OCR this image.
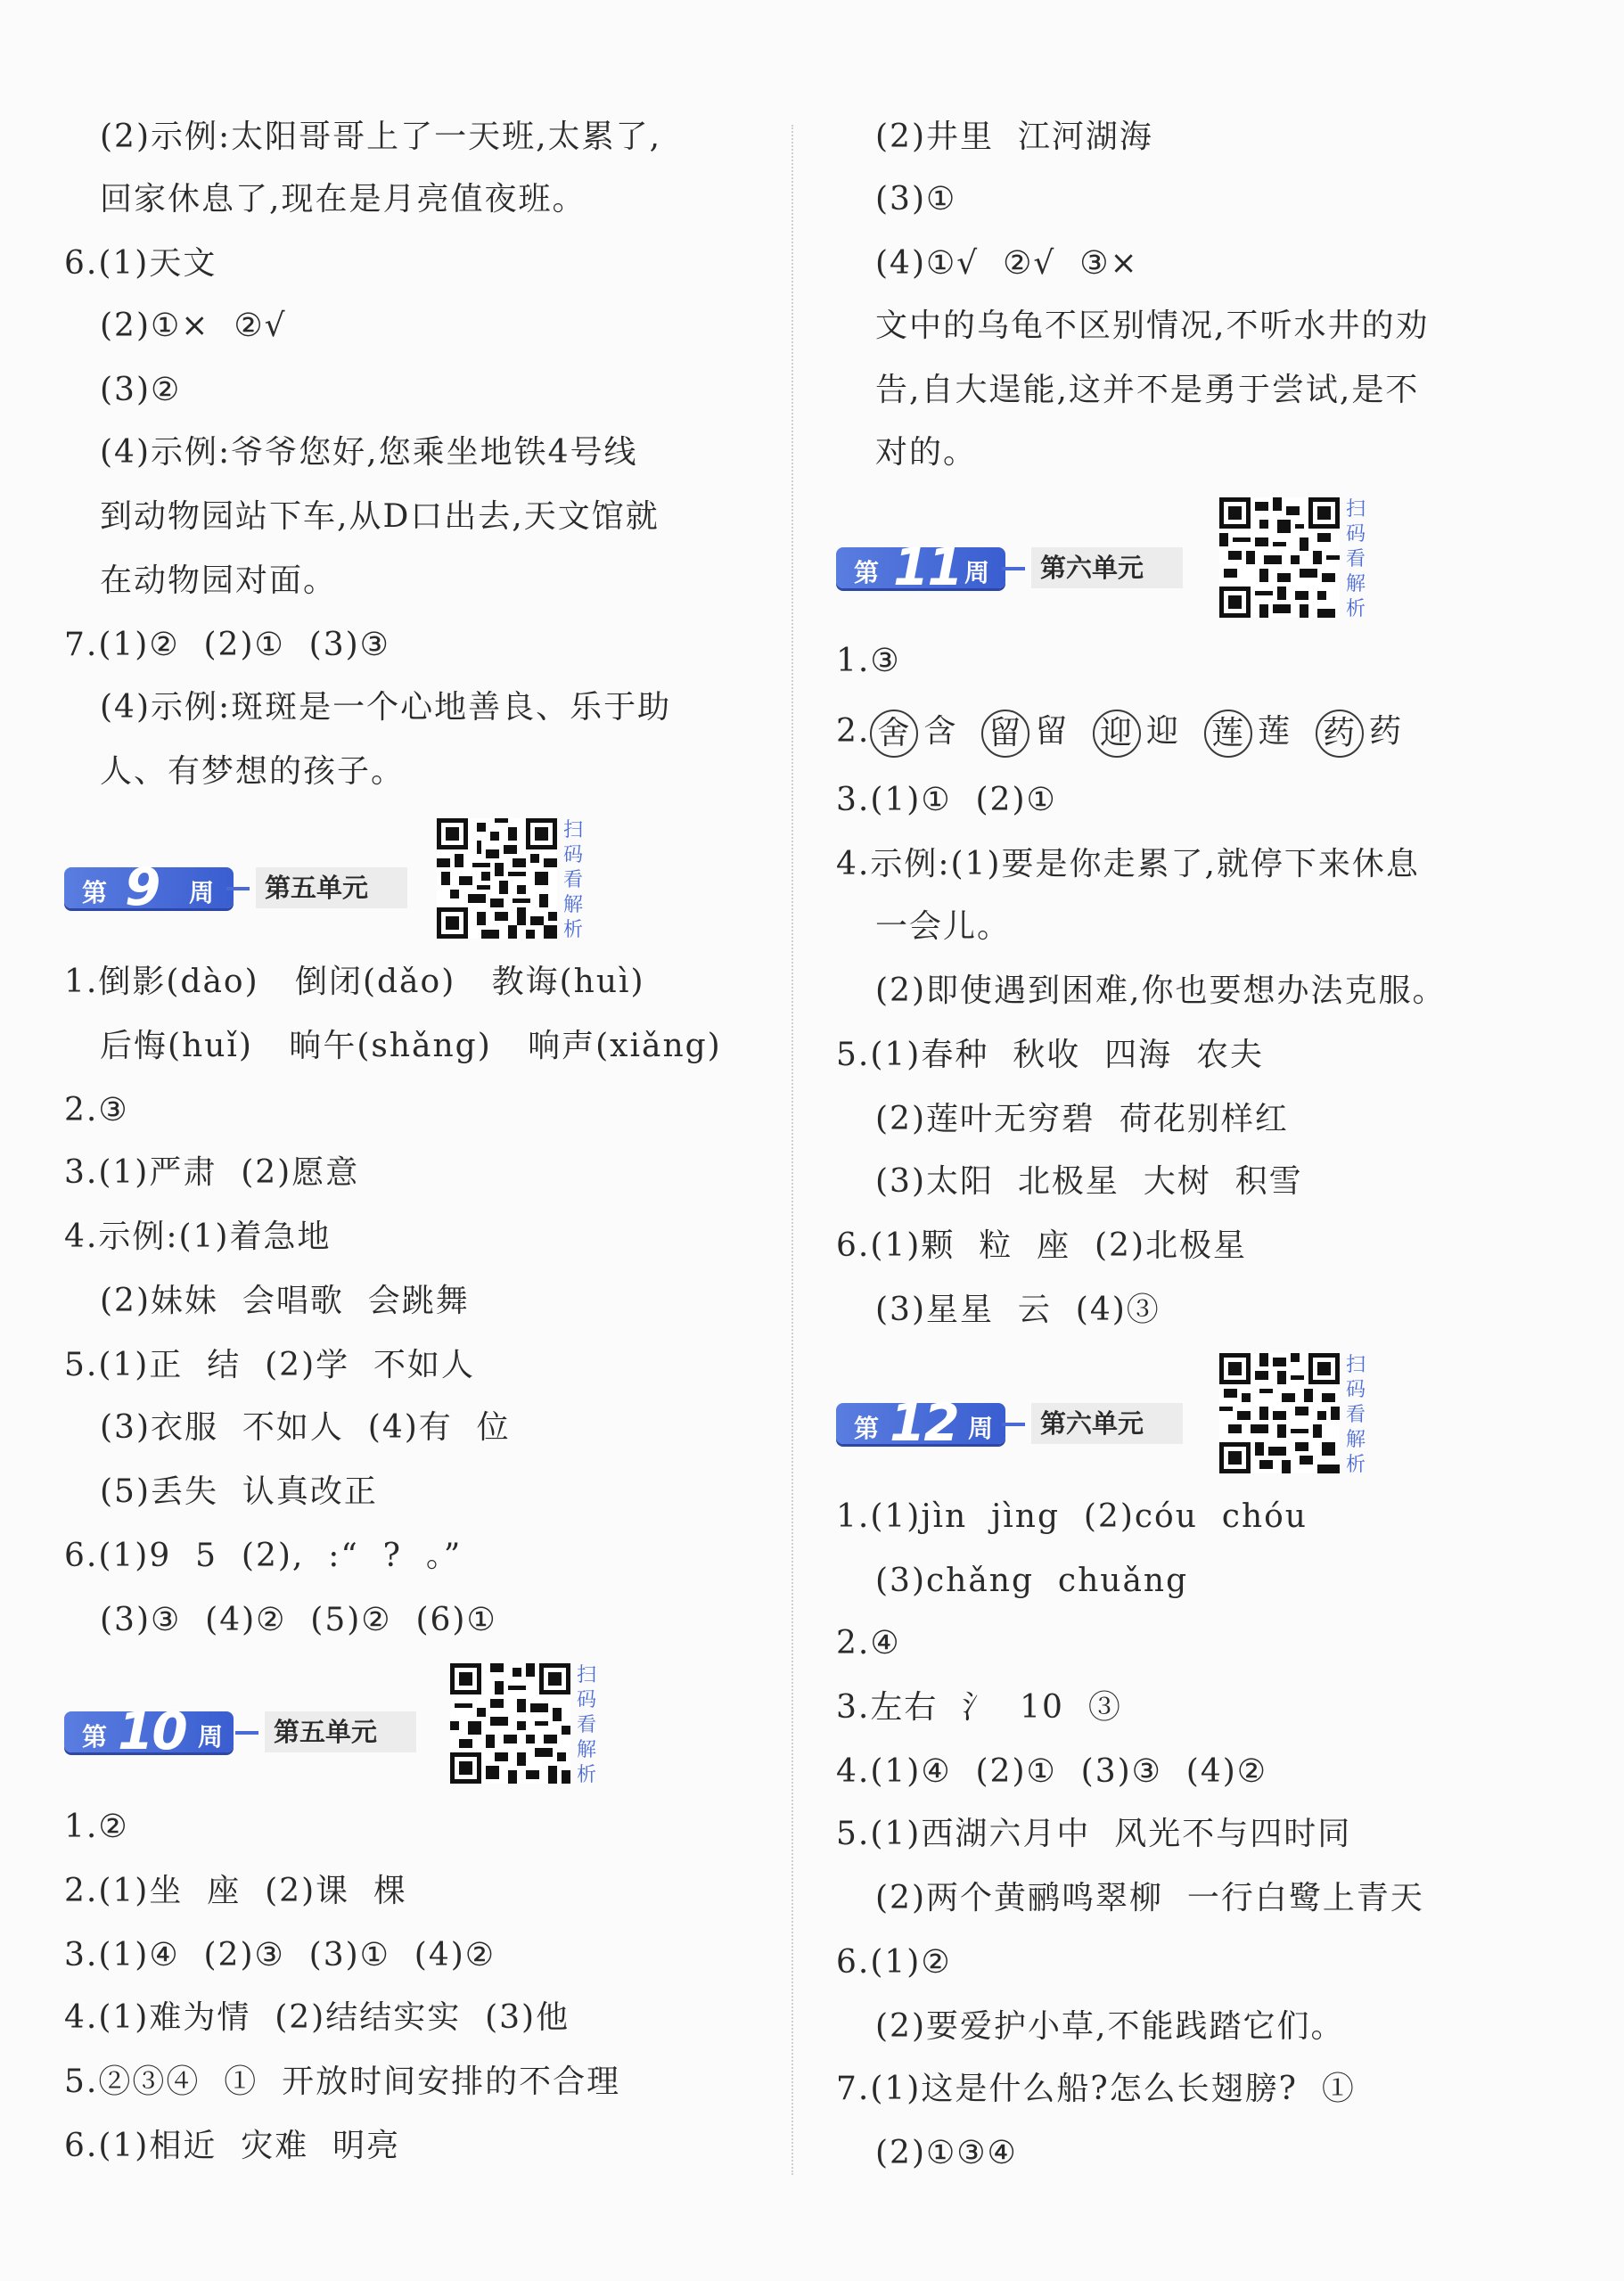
(2)示例:太阳哥哥上了一天班,太累了,
回家休息了,现在是月亮值夜班。
6.(1)天文
(2)①×  ②√
(3)②
(4)示例:爷爷您好,您乘坐地铁4号线
到动物园站下车,从D口出去,天文馆就
在动物园对面。
7.(1)②  (2)①  (3)③
(4)示例:斑斑是一个心地善良、乐于助
人、有梦想的孩子。
第 9 周	第五单元
扫
码
看
解
析
1.倒影(dào) 倒闭(dǎo) 教诲(huì)
后悔(huǐ) 晌午(shǎng) 响声(xiǎng)
2.③
3.(1)严肃  (2)愿意
4.示例:(1)着急地
(2)妹妹  会唱歌  会跳舞
5.(1)正  结  (2)学  不如人
(3)衣服  不如人  (4)有  位
(5)丢失  认真改正
6.(1)9  5  (2),  :“  ?  。”
(3)③  (4)②  (5)②  (6)①
第 10 周	第五单元
扫
码
看
解
析
1.②
2.(1)坐  座  (2)课  棵
3.(1)④  (2)③  (3)①  (4)②
4.(1)难为情  (2)结结实实  (3)他
5.②③④  ①  开放时间安排的不合理
6.(1)相近  灾难  明亮
(2)井里  江河湖海
(3)①
(4)①√  ②√  ③×
文中的乌龟不区别情况,不听水井的劝
告,自大逞能,这并不是勇于尝试,是不
对的。
第 11 周	第六单元
扫
码
看
解
析
1.③
2. 舍 含 留 留 迎 迎 莲 莲 药 药
3.(1)①  (2)①
4.示例:(1)要是你走累了,就停下来休息
一会儿。
(2)即使遇到困难,你也要想办法克服。
5.(1)春种  秋收  四海  农夫
(2)莲叶无穷碧  荷花别样红
(3)太阳  北极星  大树  积雪
6.(1)颗  粒  座  (2)北极星
(3)星星  云  (4)③
第 12 周	第六单元
扫
码
看
解
析
1.(1)jìn  jìng  (2)cóu  chóu
(3)chǎng  chuǎng
2.④
3.左右  氵  10  ③
4.(1)④  (2)①  (3)③  (4)②
5.(1)西湖六月中  风光不与四时同
(2)两个黄鹂鸣翠柳  一行白鹭上青天
6.(1)②
(2)要爱护小草,不能践踏它们。
7.(1)这是什么船?怎么长翅膀?  ①
(2)①③④
